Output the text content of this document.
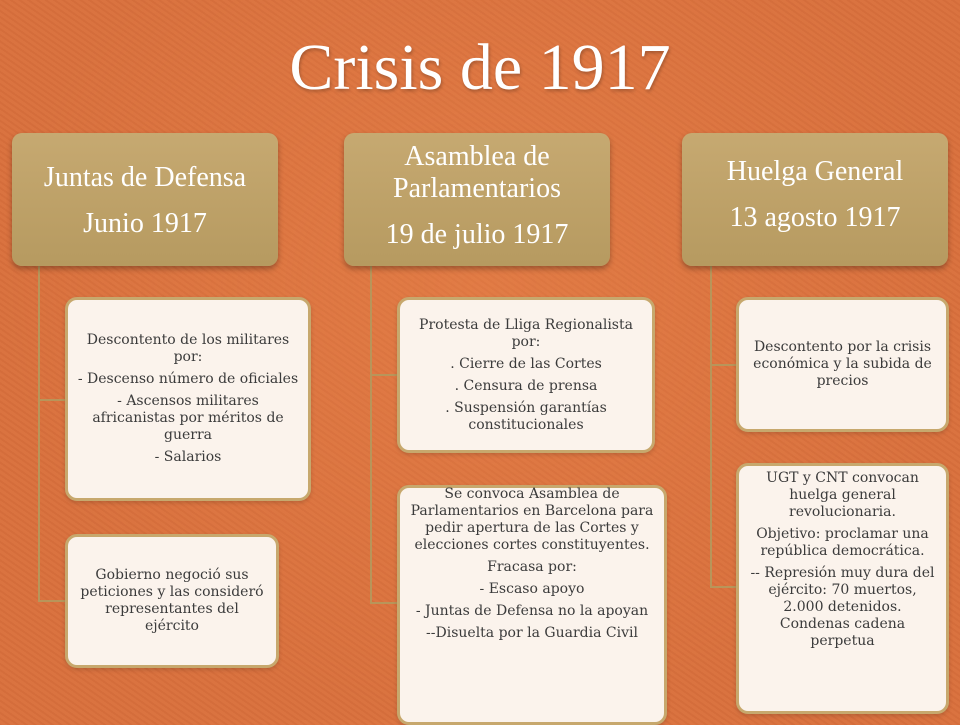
Crisis de 1917
Juntas de Defensa
Junio 1917

Descontento de los militares por:

- Descenso número de oficiales

- Ascensos militares africanistas por méritos de guerra

- Salarios

Gobierno negoció sus peticiones y las consideró representantes del ejército

Asamblea de
Parlamentarios
19 de julio 1917

Protesta de Lliga Regionalista por:

. Cierre de las Cortes

. Censura de prensa

. Suspensión garantías constitucionales

Se convoca Asamblea de Parlamentarios en Barcelona para pedir apertura de las Cortes y elecciones cortes constituyentes.

Fracasa por:

- Escaso apoyo

- Juntas de Defensa no la apoyan

--Disuelta por la Guardia Civil

Huelga General
13 agosto 1917

Descontento por la crisis económica y la subida de precios

UGT y CNT convocan huelga general revolucionaria.

Objetivo: proclamar una república democrática.

-- Represión muy dura del ejército: 70 muertos, 2.000 detenidos. Condenas cadena perpetua
